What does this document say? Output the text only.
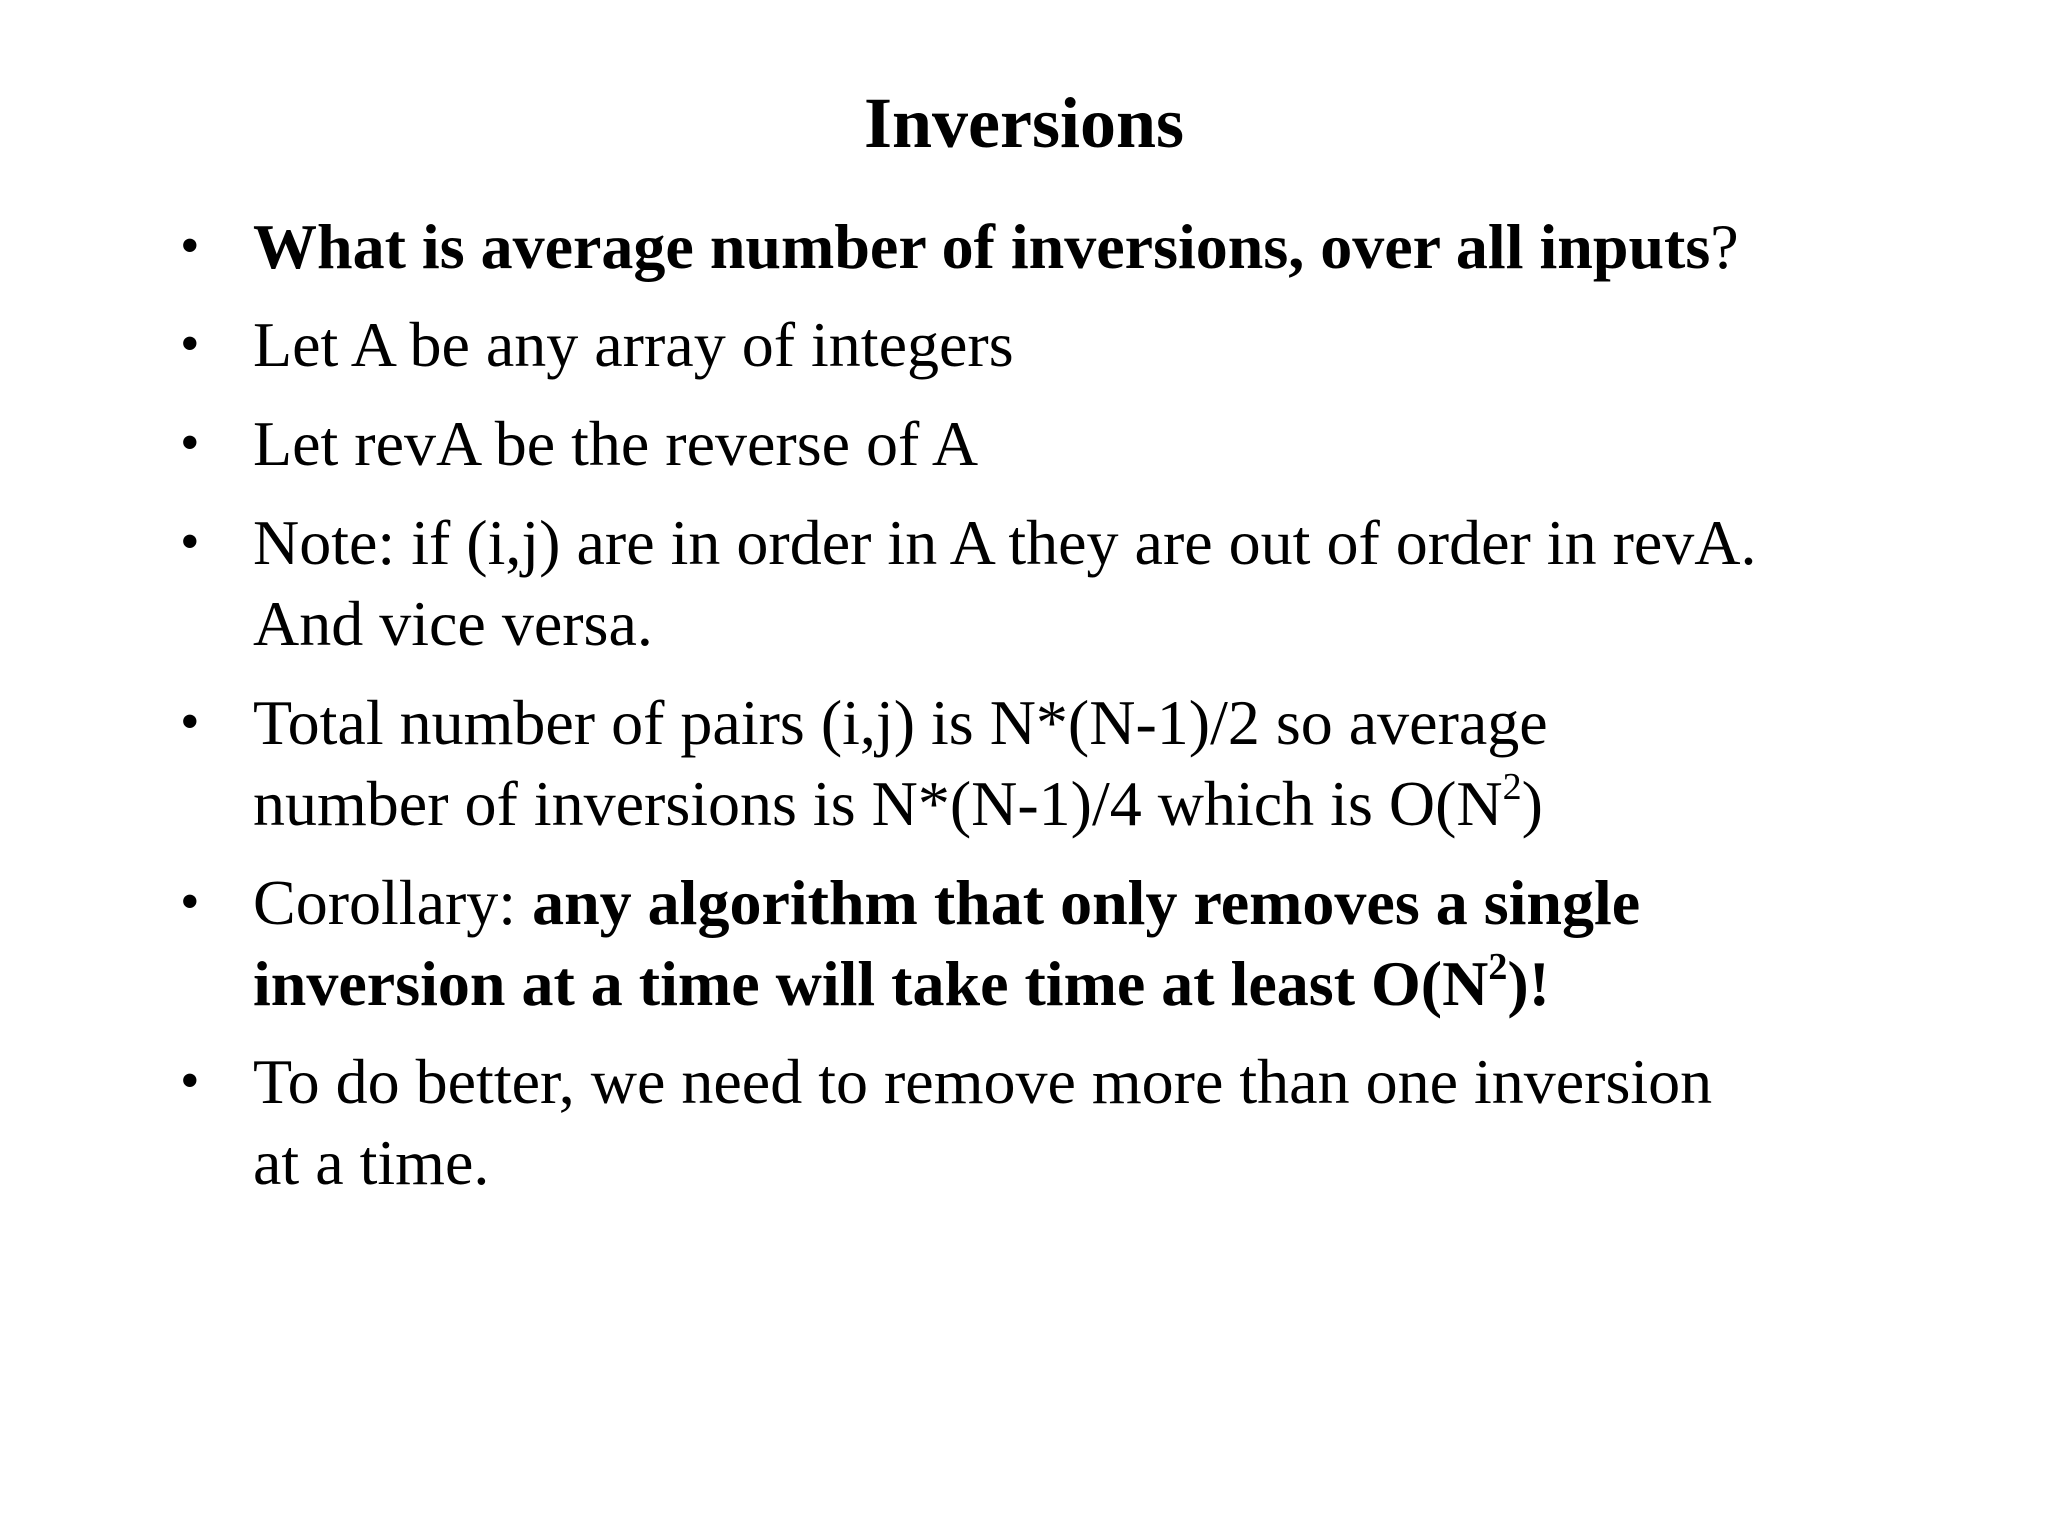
Inversions
• What is average number of inversions, over all inputs?
• Let A be any array of integers
• Let revA be the reverse of A
• Note: if (i,j) are in order in A they are out of order in revA.
And vice versa.
• Total number of pairs (i,j) is N*(N-1)/2 so average
number of inversions is N*(N-1)/4 which is $O(N^2)$
• Corollary: any algorithm that only removes a single
inversion at a time will take time at least $O(N^2)$!
• To do better, we need to remove more than one inversion
at a time.
